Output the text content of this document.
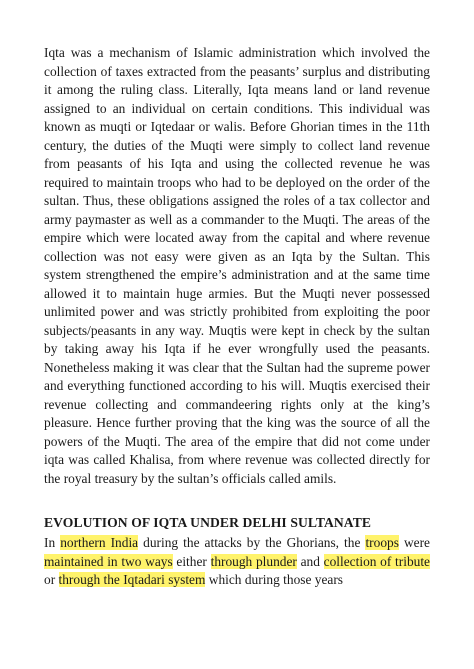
Iqta was a mechanism of Islamic administration which involved the collection of taxes extracted from the peasants’ surplus and distributing it among the ruling class. Literally, Iqta means land or land revenue assigned to an individual on certain conditions. This individual was known as muqti or Iqtedaar or walis. Before Ghorian times in the 11th century, the duties of the Muqti were simply to collect land revenue from peasants of his Iqta and using the collected revenue he was required to maintain troops who had to be deployed on the order of the sultan. Thus, these obligations assigned the roles of a tax collector and army paymaster as well as a commander to the Muqti. The areas of the empire which were located away from the capital and where revenue collection was not easy were given as an Iqta by the Sultan. This system strengthened the empire’s administration and at the same time allowed it to maintain huge armies. But the Muqti never possessed unlimited power and was strictly prohibited from exploiting the poor subjects/peasants in any way. Muqtis were kept in check by the sultan by taking away his Iqta if he ever wrongfully used the peasants. Nonetheless making it was clear that the Sultan had the supreme power and everything functioned according to his will. Muqtis exercised their revenue collecting and commandeering rights only at the king’s pleasure. Hence further proving that the king was the source of all the powers of the Muqti. The area of the empire that did not come under iqta was called Khalisa, from where revenue was collected directly for the royal treasury by the sultan’s officials called amils.

EVOLUTION OF IQTA UNDER DELHI SULTANATE

In northern India during the attacks by the Ghorians, the troops were maintained in two ways either through plunder and collection of tribute or through the Iqtadari system which during those years
